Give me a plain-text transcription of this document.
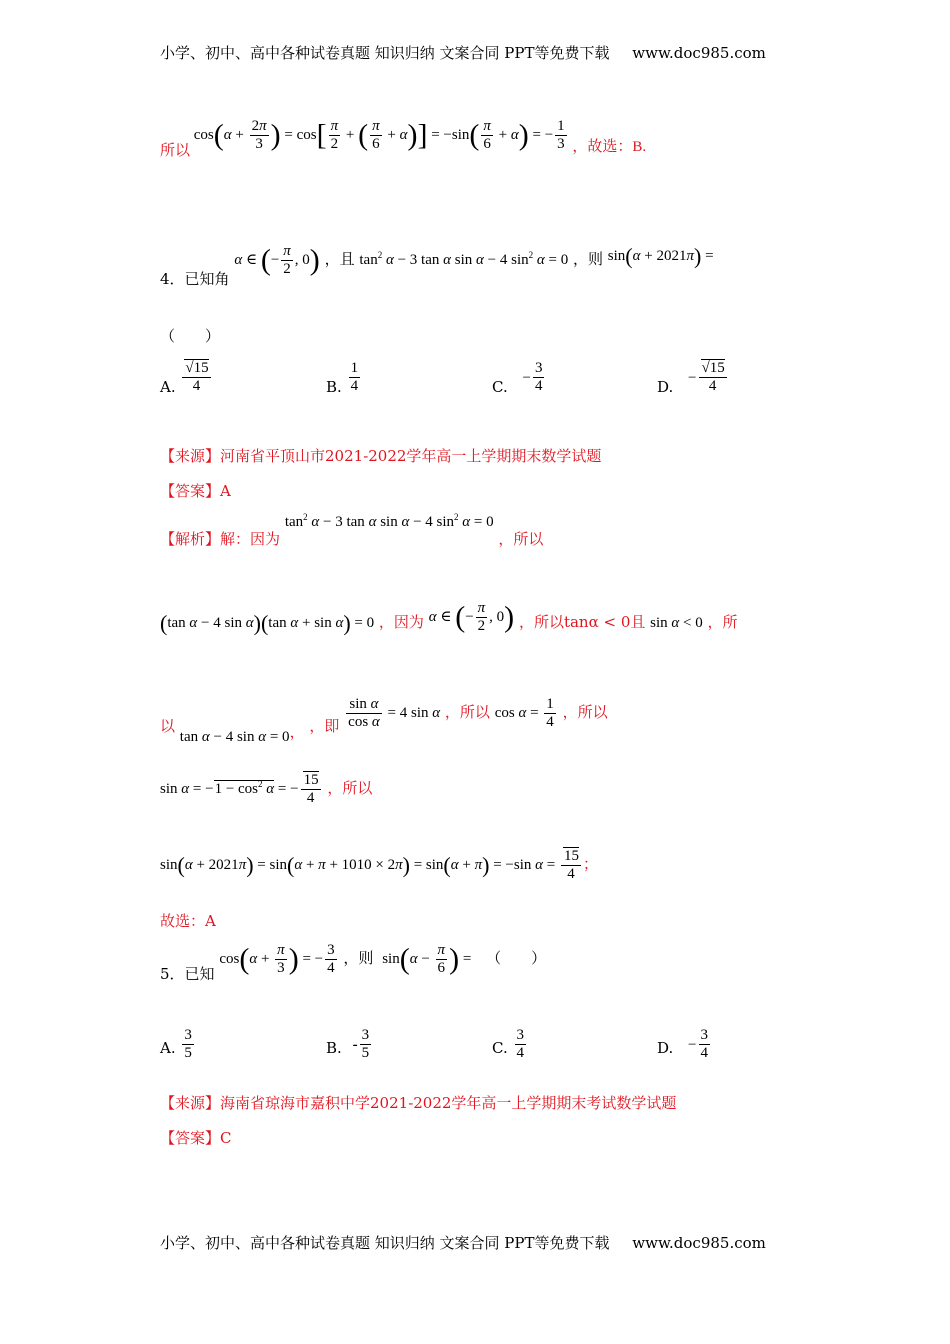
小学、初中、高中各种试卷真题 知识归纳 文案合同 PPT等免费下载 www.doc985.com
所以 $\cos(\alpha + \frac{2\pi}{3}$ ) = $\cos[ \frac{\pi}{2}$ + ( $\frac{\pi}{6} + \alpha)] = -\sin( \frac{\pi}{6} + \alpha)$ = − $\frac{1}{3}$ ，故选：B.
4．已知角 α ∈ (− $\frac{\pi}{2}$ , 0) ，且 $\tan^2 \alpha - 3$ tan α sin α − 4 $\sin^2 \alpha = 0$ ，则 sin(α + 2021π) =
（　　）
A. $\frac{√15}{4}$	B. $\frac{1}{4}$	C. − $\frac{3}{4}$	D. − $\frac{√15}{4}$
【来源】河南省平顶山市2021-2022学年高一上学期期末数学试题
【答案】A
【解析】解：因为 $\tan^2 \alpha - 3$ tan α sin α − 4 $\sin^2 \alpha = 0$ ，所以
(tan α − 4 sin α)(tan α + sin α) = 0 ，因为 α ∈ (− $\frac{\pi}{2}$ , 0) ，所以tanα < 0且 sin α < 0 ，所
以 tan α − 4 sin α = 0， ，即 $\frac{\text{sin α}}{\text{cos α}} = 4$ sin α ，所以 $\cos \alpha = \frac{1}{4}$ ，所以
$\sin \alpha = -1 - \cos^2 \alpha$ = − $\frac{15}{4}$ ，所以
sin(α + 2021π) = sin(α + π + 1010 × 2π) = sin(α + π) = −sin $\alpha = \frac{15}{4}$ ；
故选：A
5．已知 $\cos(\alpha + \frac{\pi}{3}$ ) = − $\frac{3}{4}$ ，则 $\sin(\alpha - \frac{\pi}{6}$ ) = （　　）
A. $\frac{3}{5}$	B. - $\frac{3}{5}$	C. $\frac{3}{4}$	D. − $\frac{3}{4}$
【来源】海南省琼海市嘉积中学2021-2022学年高一上学期期末考试数学试题
【答案】C
小学、初中、高中各种试卷真题 知识归纳 文案合同 PPT等免费下载 www.doc985.com
